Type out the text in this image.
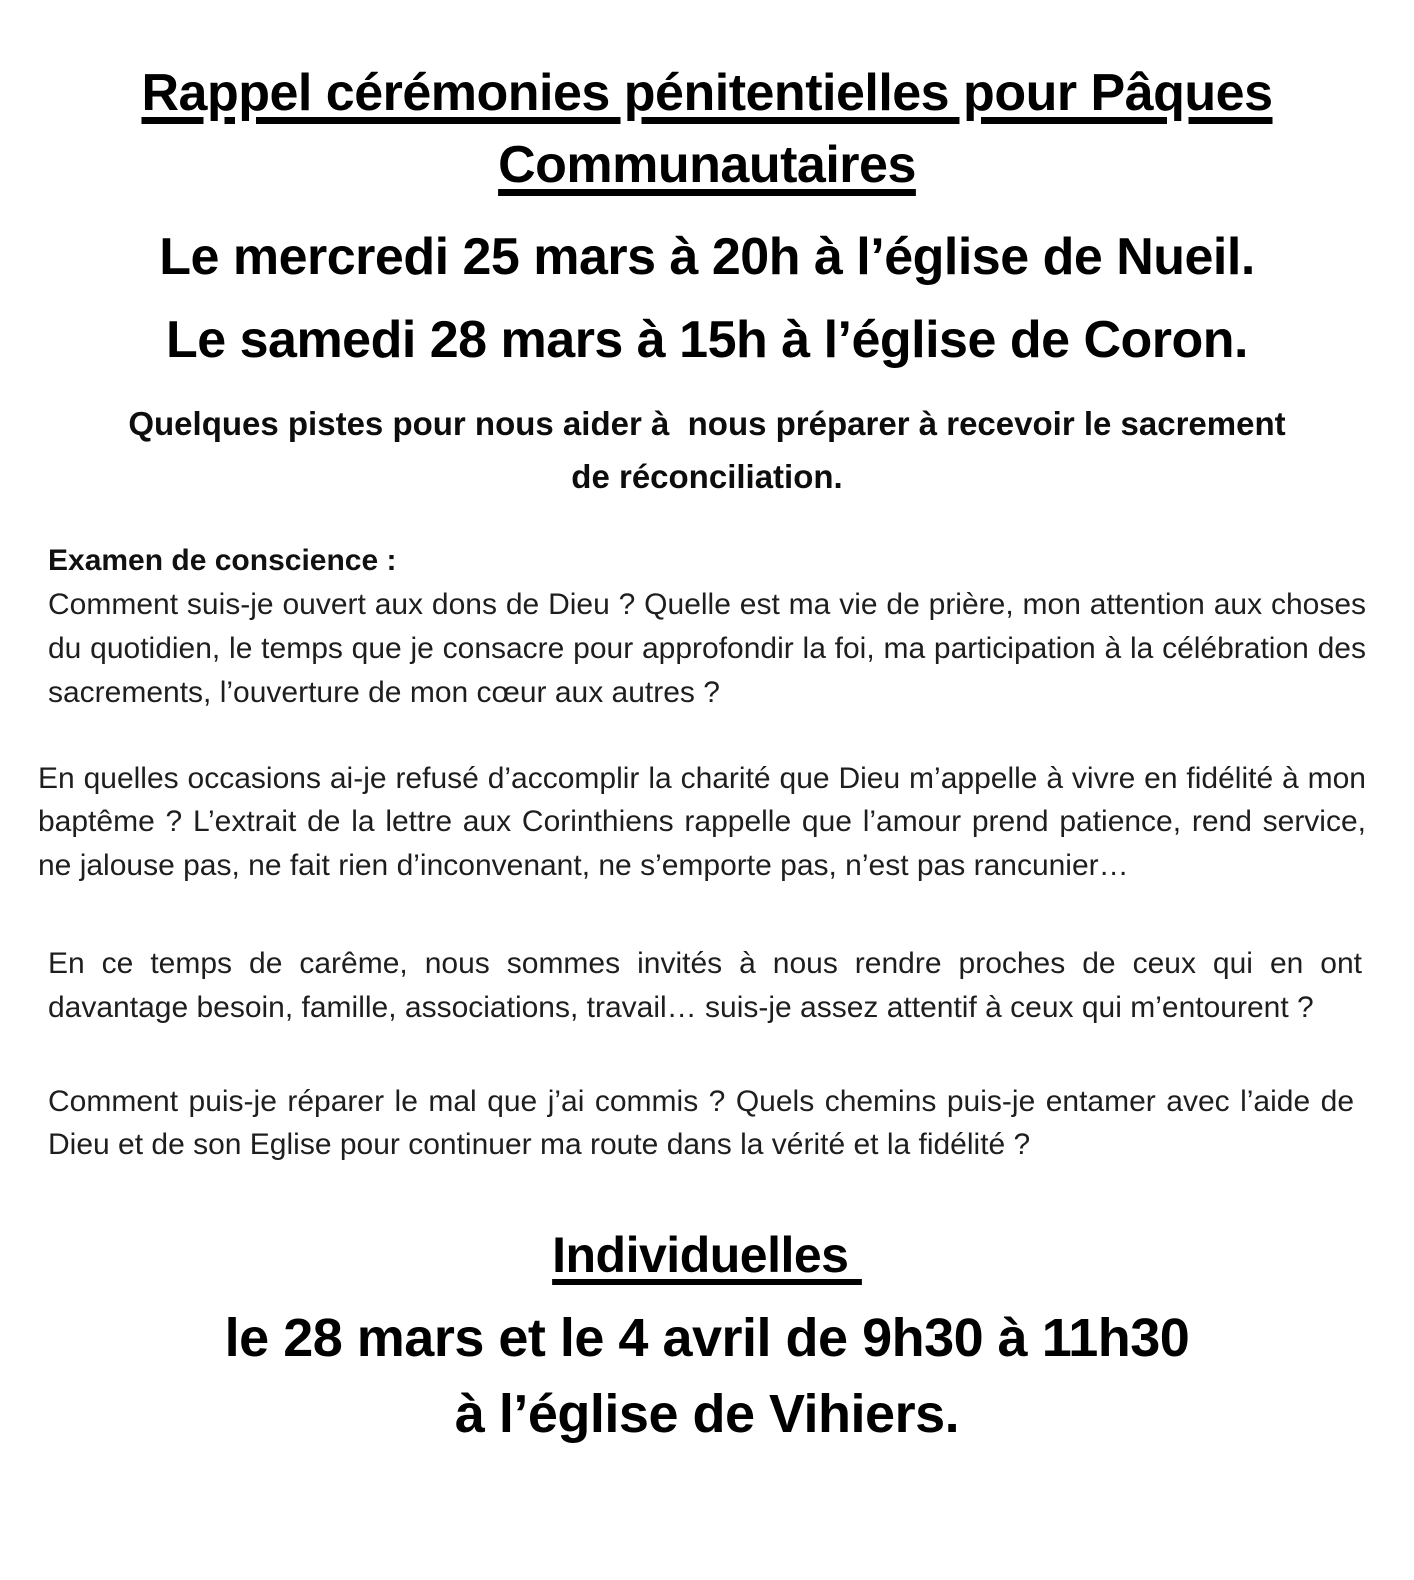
Rappel cérémonies pénitentielles pour Pâques Communautaires
Le mercredi 25 mars à 20h à l’église de Nueil.
Le samedi 28 mars à 15h à l’église de Coron.

Quelques pistes pour nous aider à  nous préparer à recevoir le sacrement de réconciliation.

Examen de conscience :

Comment suis-je ouvert aux dons de Dieu ? Quelle est ma vie de prière, mon attention aux choses du quotidien, le temps que je consacre pour approfondir la foi, ma participation à la célébration des sacrements, l’ouverture de mon cœur aux autres ?

En quelles occasions ai-je refusé d’accomplir la charité que Dieu m’appelle à vivre en fidélité à mon baptême ? L’extrait de la lettre aux Corinthiens rappelle que l’amour prend patience, rend service, ne jalouse pas, ne fait rien d’inconvenant, ne s’emporte pas, n’est pas rancunier…

En ce temps de carême, nous sommes invités à nous rendre proches de ceux qui en ont davantage besoin, famille, associations, travail… suis-je assez attentif à ceux qui m’entourent ?

Comment puis-je réparer le mal que j’ai commis ? Quels chemins puis-je entamer avec l’aide de Dieu et de son Eglise pour continuer ma route dans la vérité et la fidélité ?

Individuelles
le 28 mars et le 4 avril de 9h30 à 11h30
à l’église de Vihiers.
